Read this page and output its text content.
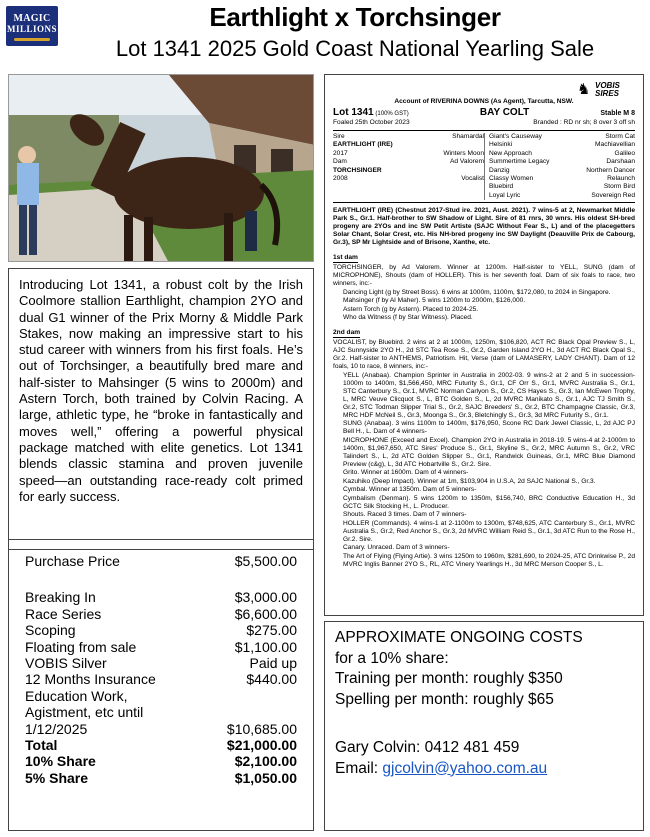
MAGIC
MILLIONS	Earthlight x Torchsinger
Lot 1341 2025 Gold Coast National Yearling Sale

Introducing Lot 1341, a robust colt by the Irish Coolmore stallion Earthlight, champion 2YO and dual G1 winner of the Prix Morny & Middle Park Stakes, now making an impressive start to his stud career with winners from his first foals. He’s out of Torchsinger, a beautifully bred mare and half-sister to Mahsinger (5 wins to 2000m) and Astern Torch, both trained by Colvin Racing. A large, athletic type, he “broke in fantastically and moves well,” offering a powerful physical package matched with elite genetics. Lot 1341 blends classic stamina and proven juvenile speed—an outstanding race-ready colt primed for early success.

Purchase Price	$5,500.00
Breaking In	$3,000.00
Race Series	$6,600.00
Scoping	$275.00
Floating from sale	$1,100.00
VOBIS Silver	Paid up
12 Months Insurance	$440.00
Education Work,
Agistment, etc until
1/12/2025	$10,685.00
Total	$21,000.00
10% Share	$2,100.00
5% Share	$1,050.00
♞ VOBIS SIRES
Account of RIVERINA DOWNS (As Agent), Tarcutta, NSW.
Lot 1341 (100% GST)	BAY COLT	Stable M 8
Foaled 25th October 2023	Branded : RD nr sh; 8 over 3 off sh
Sire	Shamardal
EARTHLIGHT (IRE)
2017	Winters Moon
Dam	Ad Valorem
TORCHSINGER
2008	Vocalist
Giant's Causeway	Storm Cat
Helsinki	Machiavellian
New Approach	Galileo
Summertime Legacy	Darshaan
Danzig	Northern Dancer
Classy Women	Relaunch
Bluebird	Storm Bird
Loyal Lyric	Sovereign Red
EARTHLIGHT (IRE) (Chestnut 2017-Stud ire. 2021, Aust. 2021). 7 wins-5 at 2, Newmarket Middle Park S., Gr.1. Half-brother to SW Shadow of Light. Sire of 81 rnrs, 30 wnrs. His oldest SH-bred progeny are 2YOs and inc SW Petit Artiste (SAJC Without Fear S., L) and of the placegetters Solar Chant, Solar Crest, etc. His NH-bred progeny inc SW Daylight (Deauville Prix de Cabourg, Gr.3), SP Mr Lightside and of Brisone, Xanthe, etc.
1st dam

TORCHSINGER, by Ad Valorem. Winner at 1200m. Half-sister to YELL, SUNG (dam of MICROPHONE), Shouts (dam of HOLLER). This is her seventh foal. Dam of six foals to race, two winners, inc:-

Dancing Light (g by Street Boss). 6 wins at 1000m, 1100m, $172,080, to 2024 in Singapore.

Mahsinger (f by Al Maher). 5 wins 1200m to 2000m, $126,000.

Astern Torch (g by Astern). Placed to 2024-25.

Who da Witness (f by Star Witness). Placed.

2nd dam

VOCALIST, by Bluebird. 2 wins at 2 at 1000m, 1250m, $106,820, ACT RC Black Opal Preview S., L, AJC Sunnyside 2YO H., 2d STC Tea Rose S., Gr.2, Garden Island 2YO H., 3d ACT RC Black Opal S., Gr.2. Half-sister to ANTHEMS, Patriotism. Hit, Verse (dam of LAMASERY, LADY CHANT). Dam of 12 foals, 10 to race, 8 winners, inc:-

YELL (Anabaa). Champion Sprinter in Australia in 2002-03. 9 wins-2 at 2 and 5 in succession-1000m to 1400m, $1,566,450, MRC Futurity S., Gr.1, CF Orr S., Gr.1, MVRC Australia S., Gr.1, STC Canterbury S., Gr.1, MVRC Norman Carlyon S., Gr.2, CS Hayes S., Gr.3, Ian McEwen Trophy, L, MRC Veuve Clicquot S., L, BTC Golden S., L, 2d MVRC Manikato S., Gr.1, AJC TJ Smith S., Gr.2, STC Todman Slipper Trial S., Gr.2, SAJC Breeders' S., Gr.2, BTC Champagne Classic, Gr.3, MRC HDF McNeil S., Gr.3, Moonga S., Gr.3, Bletchingly S., Gr.3, 3d MRC Futurity S., Gr.1.

SUNG (Anabaa). 3 wins 1100m to 1400m, $176,950, Scone RC Dark Jewel Classic, L, 2d AJC PJ Bell H., L. Dam of 4 winners-

MICROPHONE (Exceed and Excel). Champion 2YO in Australia in 2018-19. 5 wins-4 at 2-1000m to 1400m, $1,967,650, ATC Sires' Produce S., Gr.1, Skyline S., Gr.2, MRC Autumn S., Gr.2, VRC Talindert S., L, 2d ATC Golden Slipper S., Gr.1, Randwick Guineas, Gr.1, MRC Blue Diamond Preview (c&g), L, 3d ATC Hobartville S., Gr.2. Sire.

Grito. Winner at 1600m. Dam of 4 winners-

Kazuhiko (Deep Impact). Winner at 1m, $103,904 in U.S.A, 2d SAJC National S., Gr.3.

Cymbal. Winner at 1350m. Dam of 5 winners-

Cymbalism (Denman). 5 wins 1200m to 1350m, $156,740, BRC Conductive Education H., 3d GCTC Silk Stocking H., L. Producer.

Shouts. Raced 3 times. Dam of 7 winners-

HOLLER (Commands). 4 wins-1 at 2-1100m to 1300m, $748,625, ATC Canterbury S., Gr.1, MVRC Australia S., Gr.2, Red Anchor S., Gr.3, 2d MVRC William Reid S., Gr.1, 3d ATC Run to the Rose H., Gr.2. Sire.

Canary. Unraced. Dam of 3 winners-

The Art of Flying (Flying Artie). 3 wins 1250m to 1960m, $281,690, to 2024-25, ATC Drinkwise P., 2d MVRC Inglis Banner 2YO S., RL, ATC Vinery Yearlings H., 3d MRC Merson Cooper S., L.

APPROXIMATE ONGOING COSTS
for a 10% share:
Training per month: roughly $350
Spelling per month: roughly $65
Gary Colvin: 0412 481 459
Email: gjcolvin@yahoo.com.au
